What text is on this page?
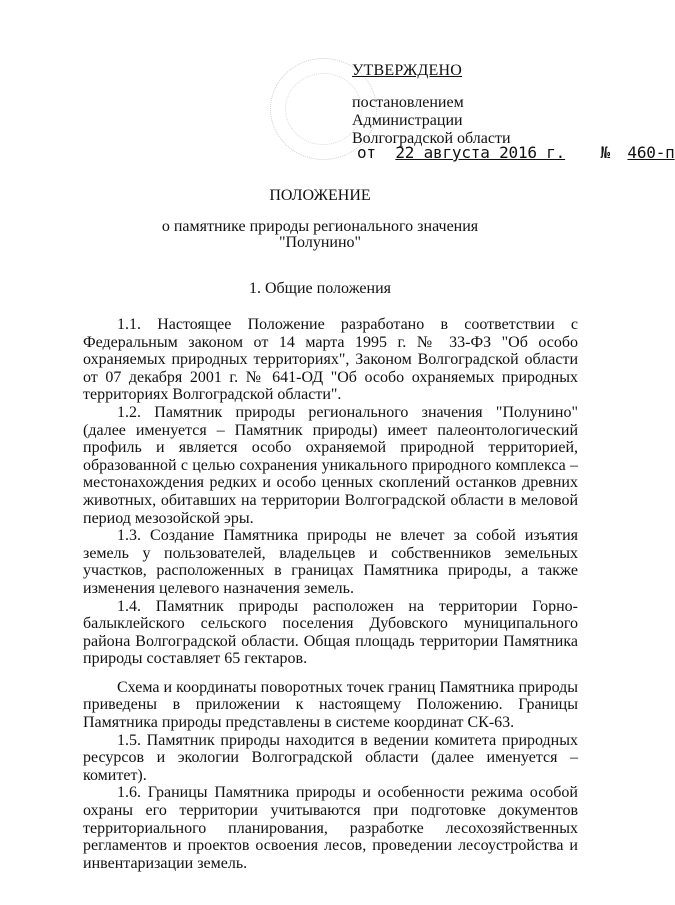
УТВЕРЖДЕНО
постановлением
Администрации
Волгоградской области
от 22 августа 2016 г. № 460-п
ПОЛОЖЕНИЕ
о памятнике природы регионального значения
"Полунино"
1. Общие положения

1.1. Настоящее Положение разработано в соответствии с Федеральным законом от 14 марта 1995 г. № 33-ФЗ "Об особо охраняемых природных территориях", Законом Волгоградской области от 07 декабря 2001 г. № 641-ОД "Об особо охраняемых природных территориях Волгоградской области".

1.2. Памятник природы регионального значения "Полунино" (далее именуется – Памятник природы) имеет палеонтологический профиль и является особо охраняемой природной территорией, образованной с целью сохранения уникального природного комплекса – местонахождения редких и особо ценных скоплений останков древних животных, обитавших на территории Волгоградской области в меловой период мезозойской эры.

1.3. Создание Памятника природы не влечет за собой изъятия земель у пользователей, владельцев и собственников земельных участков, расположенных в границах Памятника природы, а также изменения целевого назначения земель.

1.4. Памятник природы расположен на территории Горно-балыклейского сельского поселения Дубовского муниципального района Волгоградской области. Общая площадь территории Памятника природы составляет 65 гектаров.

Схема и координаты поворотных точек границ Памятника природы приведены в приложении к настоящему Положению. Границы Памятника природы представлены в системе координат СК-63.

1.5. Памятник природы находится в ведении комитета природных ресурсов и экологии Волгоградской области (далее именуется – комитет).

1.6. Границы Памятника природы и особенности режима особой охраны его территории учитываются при подготовке документов территориального планирования, разработке лесохозяйственных регламентов и проектов освоения лесов, проведении лесоустройства и инвентаризации земель.
